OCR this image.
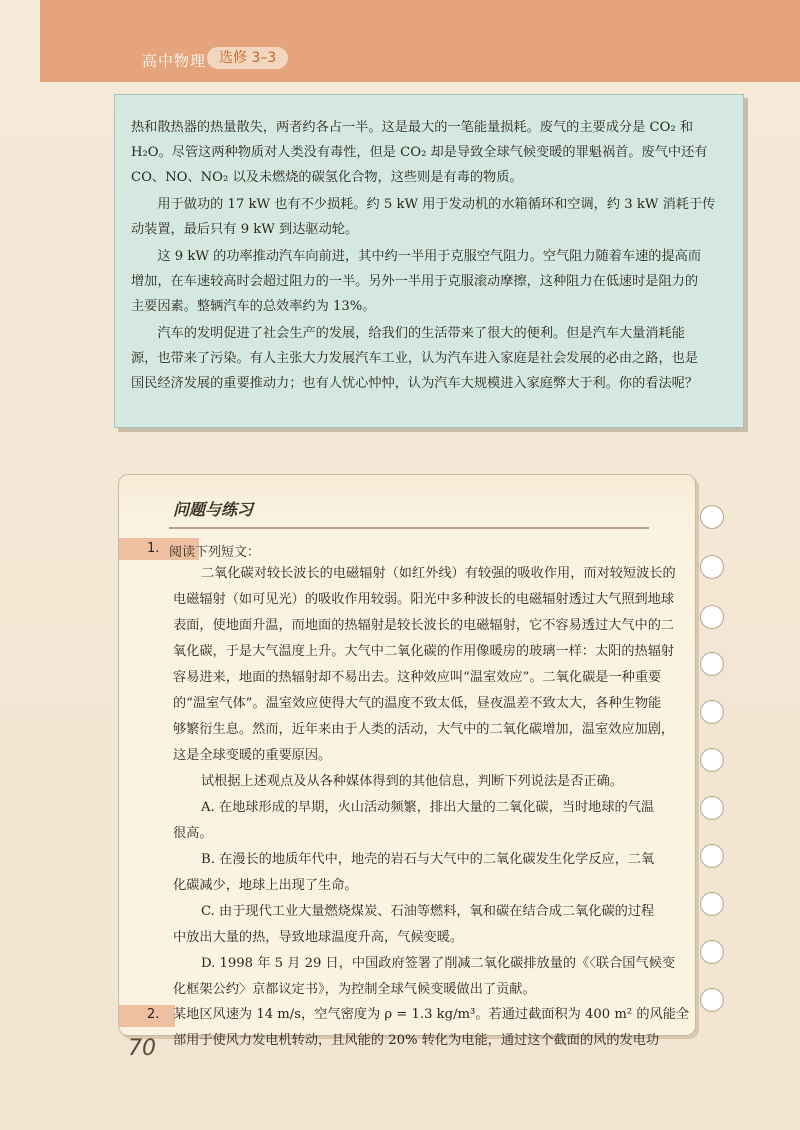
高中物理 选修 3–3

热和散热器的热量散失，两者约各占一半。这是最大的一笔能量损耗。废气的主要成分是 CO₂ 和

H₂O。尽管这两种物质对人类没有毒性，但是 CO₂ 却是导致全球气候变暖的罪魁祸首。废气中还有

CO、NO、NO₂ 以及未燃烧的碳氢化合物，这些则是有毒的物质。

用于做功的 17 kW 也有不少损耗。约 5 kW 用于发动机的水箱循环和空调，约 3 kW 消耗于传

动装置，最后只有 9 kW 到达驱动轮。

这 9 kW 的功率推动汽车向前进，其中约一半用于克服空气阻力。空气阻力随着车速的提高而

增加，在车速较高时会超过阻力的一半。另外一半用于克服滚动摩擦，这种阻力在低速时是阻力的

主要因素。整辆汽车的总效率约为 13%。

汽车的发明促进了社会生产的发展，给我们的生活带来了很大的便利。但是汽车大量消耗能

源，也带来了污染。有人主张大力发展汽车工业，认为汽车进入家庭是社会发展的必由之路，也是

国民经济发展的重要推动力；也有人忧心忡忡，认为汽车大规模进入家庭弊大于利。你的看法呢？

问题与练习
1. 阅读下列短文：

二氧化碳对较长波长的电磁辐射（如红外线）有较强的吸收作用，而对较短波长的

电磁辐射（如可见光）的吸收作用较弱。阳光中多种波长的电磁辐射透过大气照到地球

表面，使地面升温，而地面的热辐射是较长波长的电磁辐射，它不容易透过大气中的二

氧化碳，于是大气温度上升。大气中二氧化碳的作用像暖房的玻璃一样：太阳的热辐射

容易进来，地面的热辐射却不易出去。这种效应叫“温室效应”。二氧化碳是一种重要

的“温室气体”。温室效应使得大气的温度不致太低，昼夜温差不致太大，各种生物能

够繁衍生息。然而，近年来由于人类的活动，大气中的二氧化碳增加，温室效应加剧，

这是全球变暖的重要原因。

试根据上述观点及从各种媒体得到的其他信息，判断下列说法是否正确。

A. 在地球形成的早期，火山活动频繁，排出大量的二氧化碳，当时地球的气温

很高。

B. 在漫长的地质年代中，地壳的岩石与大气中的二氧化碳发生化学反应，二氧

化碳减少，地球上出现了生命。

C. 由于现代工业大量燃烧煤炭、石油等燃料，氧和碳在结合成二氧化碳的过程

中放出大量的热，导致地球温度升高，气候变暖。

D. 1998 年 5 月 29 日，中国政府签署了削减二氧化碳排放量的《〈联合国气候变

化框架公约〉京都议定书》，为控制全球气候变暖做出了贡献。

2. 某地区风速为 14 m/s，空气密度为 ρ = 1.3 kg/m³。若通过截面积为 400 m² 的风能全

部用于使风力发电机转动，且风能的 20% 转化为电能，通过这个截面的风的发电功

70
